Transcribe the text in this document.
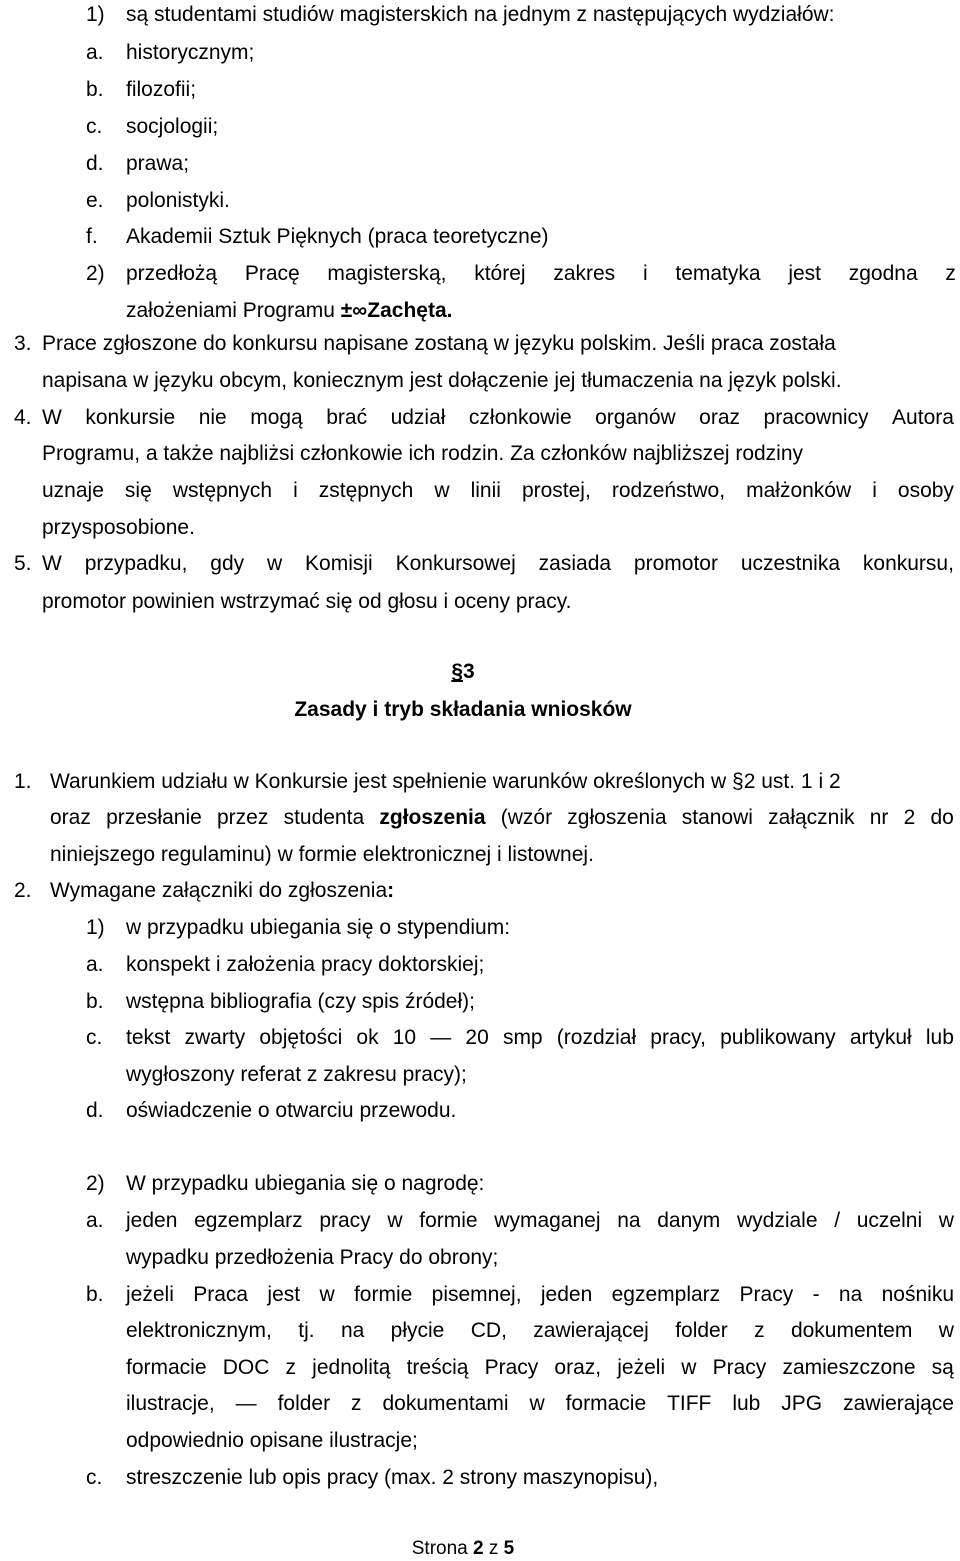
1) są studentami studiów magisterskich na jednym z następujących wydziałów:
a. historycznym;
b. filozofii;
c. socjologii;
d. prawa;
e. polonistyki.
f. Akademii Sztuk Pięknych (praca teoretyczne)
2) przedłożą Pracę magisterską, której zakres i tematyka jest zgodna z
założeniami Programu ±∞Zachęta.
3. Prace zgłoszone do konkursu napisane zostaną w języku polskim. Jeśli praca została
napisana w języku obcym, koniecznym jest dołączenie jej tłumaczenia na język polski.
4. W konkursie nie mogą brać udział członkowie organów oraz pracownicy Autora
Programu, a także najbliżsi członkowie ich rodzin. Za członków najbliższej rodziny
uznaje się wstępnych i zstępnych w linii prostej, rodzeństwo, małżonków i osoby
przysposobione.
5. W przypadku, gdy w Komisji Konkursowej zasiada promotor uczestnika konkursu,
promotor powinien wstrzymać się od głosu i oceny pracy.
§3
Zasady i tryb składania wniosków
1. Warunkiem udziału w Konkursie jest spełnienie warunków określonych w §2 ust. 1 i 2
oraz przesłanie przez studenta zgłoszenia (wzór zgłoszenia stanowi załącznik nr 2 do
niniejszego regulaminu) w formie elektronicznej i listownej.
2. Wymagane załączniki do zgłoszenia:
1) w przypadku ubiegania się o stypendium:
a. konspekt i założenia pracy doktorskiej;
b. wstępna bibliografia (czy spis źródeł);
c. tekst zwarty objętości ok 10 — 20 smp (rozdział pracy, publikowany artykuł lub
wygłoszony referat z zakresu pracy);
d. oświadczenie o otwarciu przewodu.
2) W przypadku ubiegania się o nagrodę:
a. jeden egzemplarz pracy w formie wymaganej na danym wydziale / uczelni w
wypadku przedłożenia Pracy do obrony;
b. jeżeli Praca jest w formie pisemnej, jeden egzemplarz Pracy - na nośniku
elektronicznym, tj. na płycie CD, zawierającej folder z dokumentem w
formacie DOC z jednolitą treścią Pracy oraz, jeżeli w Pracy zamieszczone są
ilustracje, — folder z dokumentami w formacie TIFF lub JPG zawierające
odpowiednio opisane ilustracje;
c. streszczenie lub opis pracy (max. 2 strony maszynopisu),
Strona 2 z 5
